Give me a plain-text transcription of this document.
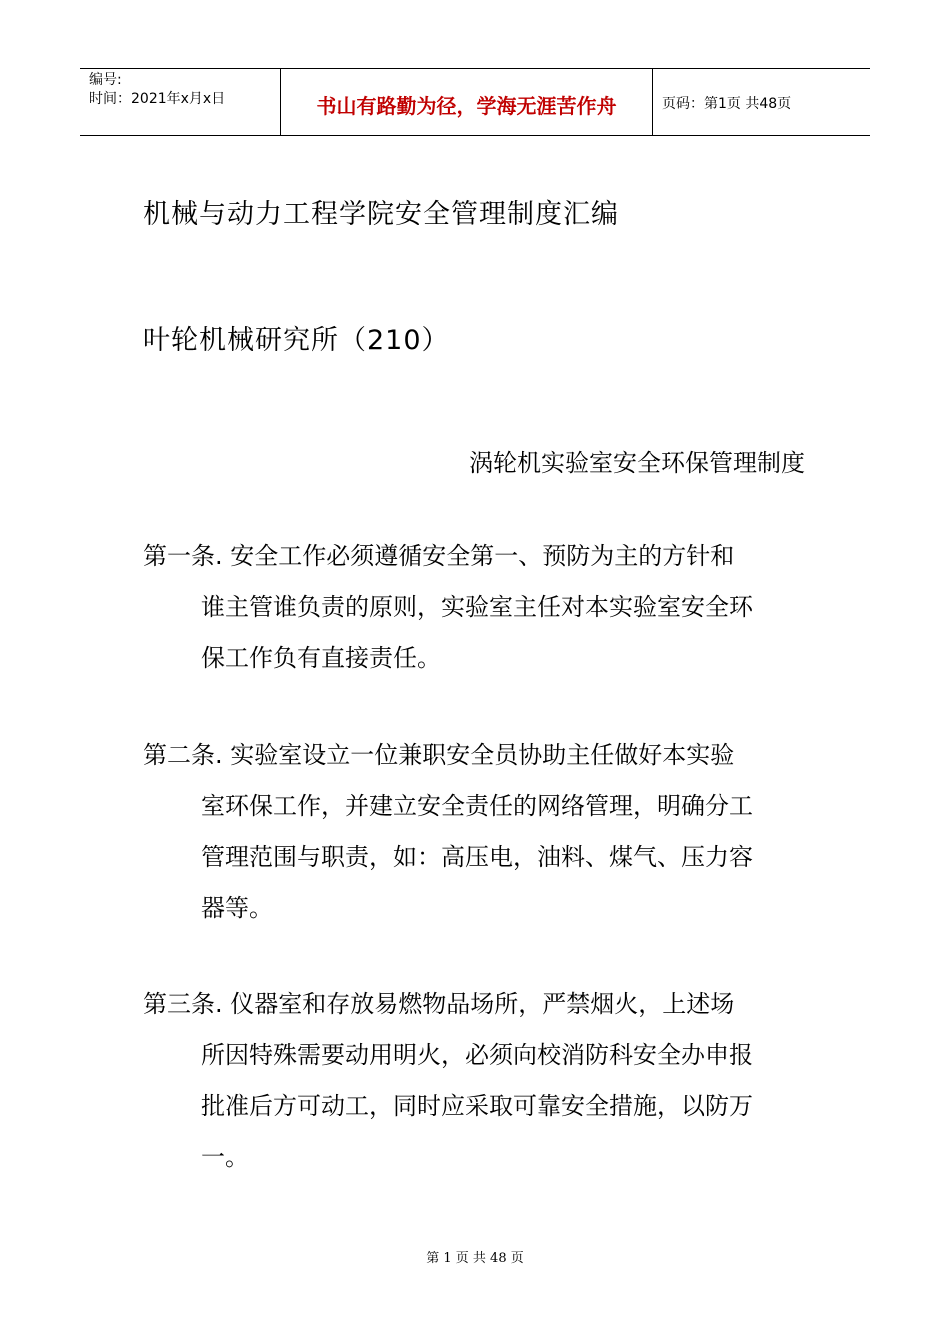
编号:
时间：2021年x月x日	书山有路勤为径，学海无涯苦作舟	页码：第1页 共48页
机械与动力工程学院安全管理制度汇编
叶轮机械研究所（210）
涡轮机实验室安全环保管理制度
第一条. 安全工作必须遵循安全第一、预防为主的方针和
谁主管谁负责的原则，实验室主任对本实验室安全环
保工作负有直接责任。
第二条. 实验室设立一位兼职安全员协助主任做好本实验
室环保工作，并建立安全责任的网络管理，明确分工
管理范围与职责，如：高压电，油料、煤气、压力容
器等。
第三条. 仪器室和存放易燃物品场所，严禁烟火，上述场
所因特殊需要动用明火，必须向校消防科安全办申报
批准后方可动工，同时应采取可靠安全措施，以防万
一。
第 1 页 共 48 页
